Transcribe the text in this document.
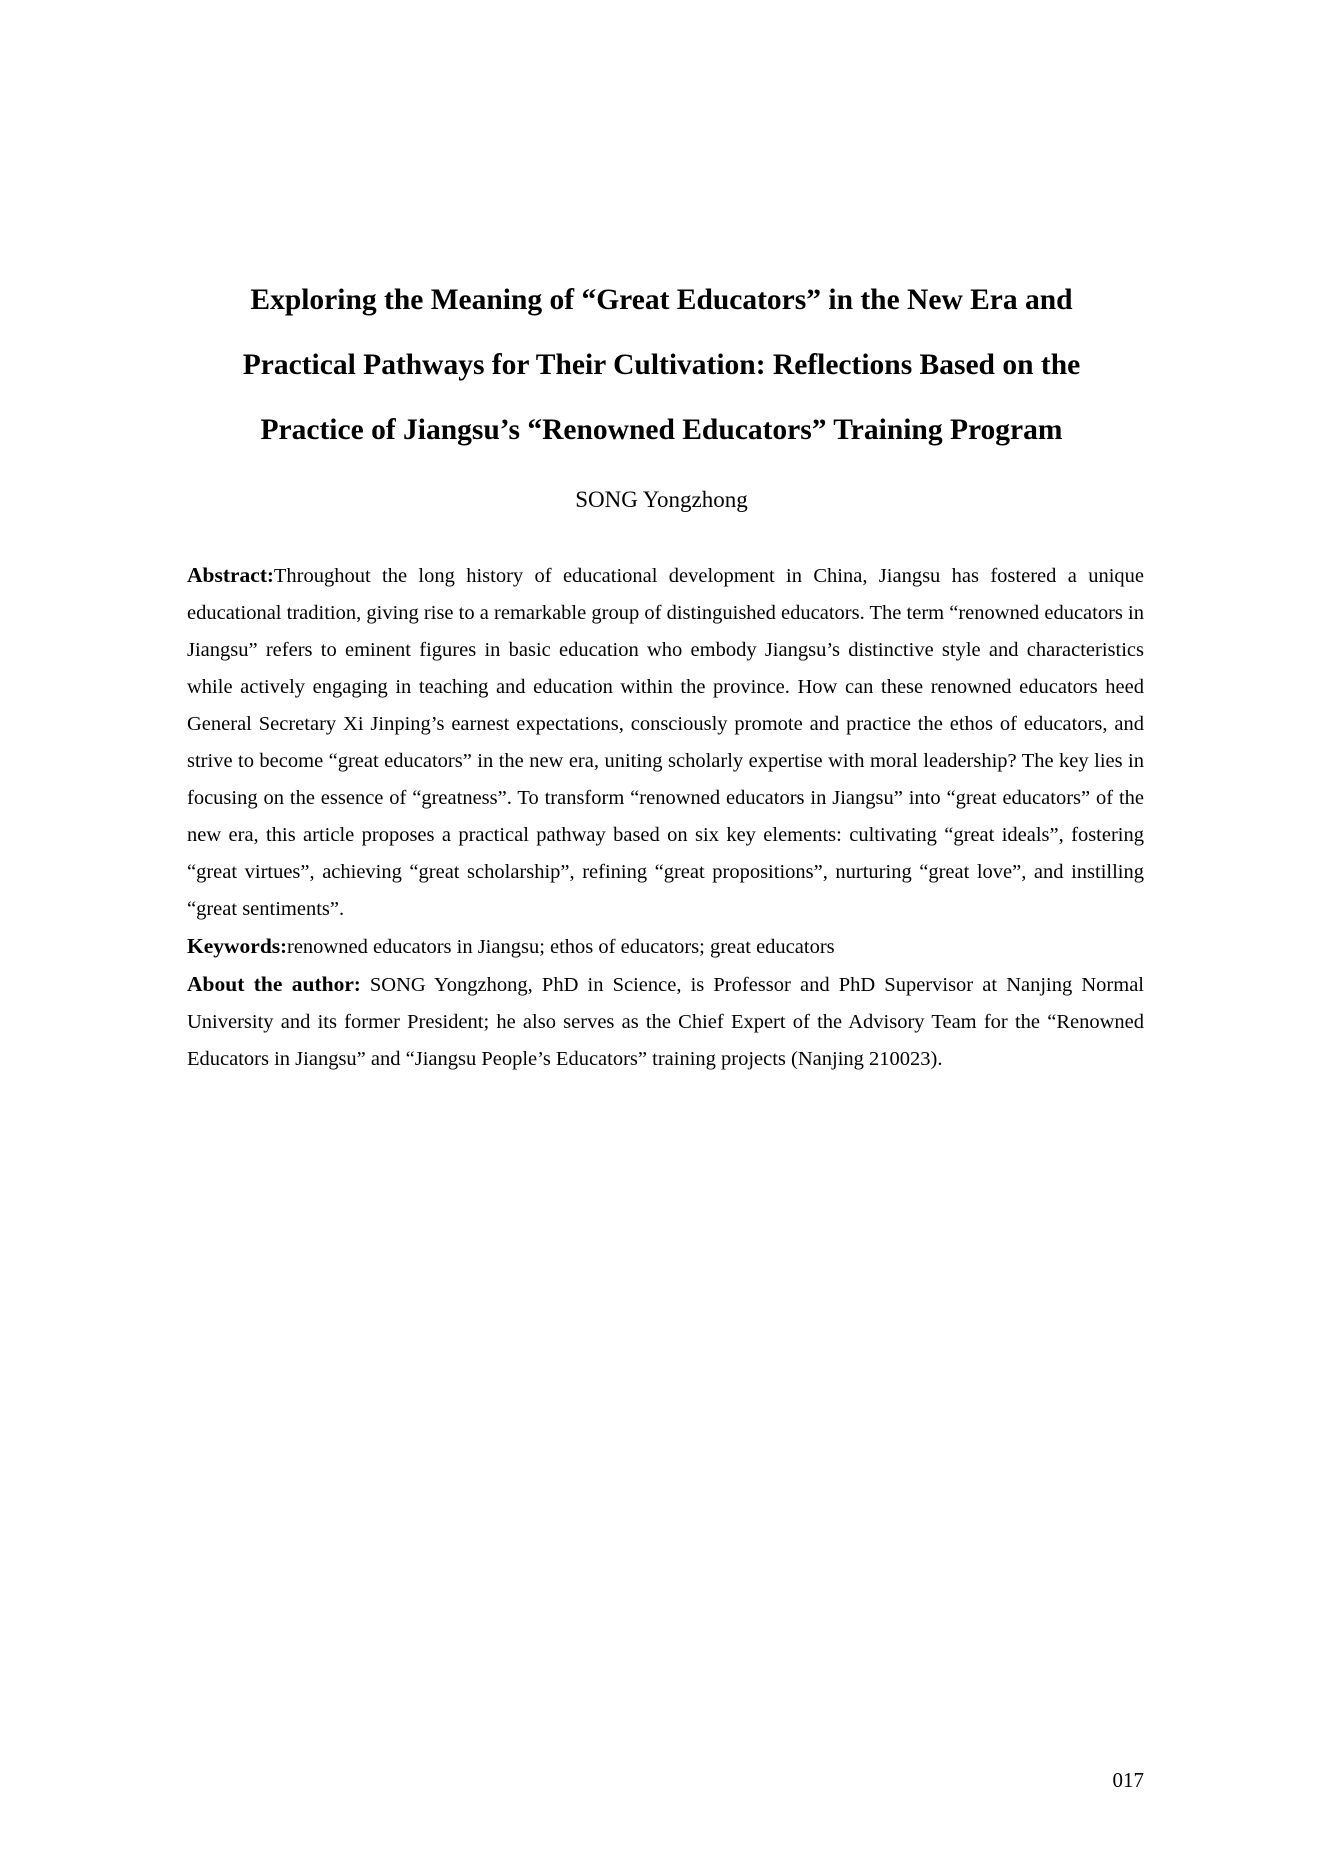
Exploring the Meaning of “Great Educators” in the New Era and
Practical Pathways for Their Cultivation: Reflections Based on the
Practice of Jiangsu’s “Renowned Educators” Training Program
SONG Yongzhong

Abstract:Throughout the long history of educational development in China, Jiangsu has fostered a unique educational tradition, giving rise to a remarkable group of distinguished educators. The term “renowned educators in Jiangsu” refers to eminent figures in basic education who embody Jiangsu’s distinctive style and characteristics while actively engaging in teaching and education within the province. How can these renowned educators heed General Secretary Xi Jinping’s earnest expectations, consciously promote and practice the ethos of educators, and strive to become “great educators” in the new era, uniting scholarly expertise with moral leadership? The key lies in focusing on the essence of “greatness”. To transform “renowned educators in Jiangsu” into “great educators” of the new era, this article proposes a practical pathway based on six key elements: cultivating “great ideals”, fostering “great virtues”, achieving “great scholarship”, refining “great propositions”, nurturing “great love”, and instilling “great sentiments”.

Keywords:renowned educators in Jiangsu; ethos of educators; great educators

About the author: SONG Yongzhong, PhD in Science, is Professor and PhD Supervisor at Nanjing Normal University and its former President; he also serves as the Chief Expert of the Advisory Team for the “Renowned Educators in Jiangsu” and “Jiangsu People’s Educators” training projects (Nanjing 210023).

017
